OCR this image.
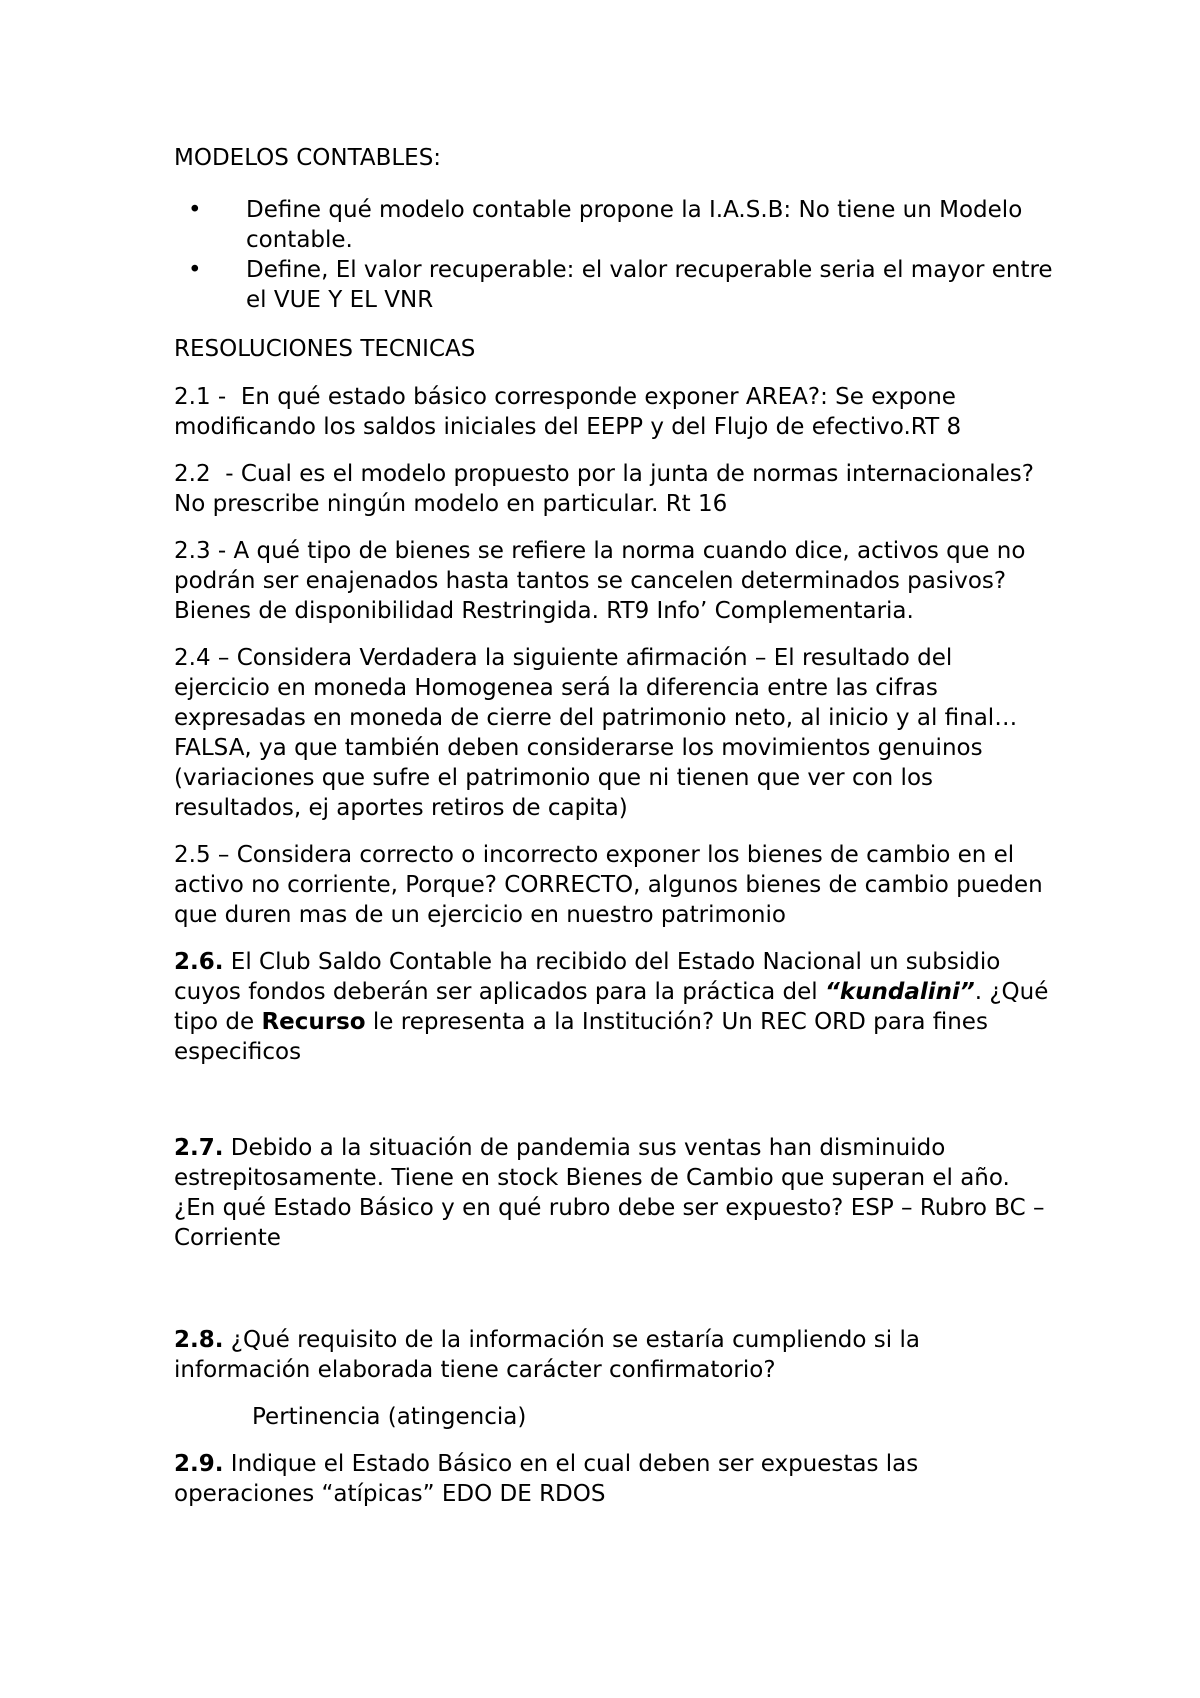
MODELOS CONTABLES:

• Define qué modelo contable propone la I.A.S.B: No tiene un Modelo contable.
• Define, El valor recuperable: el valor recuperable seria el mayor entre el VUE Y EL VNR

RESOLUCIONES TECNICAS

2.1 - En qué estado básico corresponde exponer AREA?: Se expone modificando los saldos iniciales del EEPP y del Flujo de efectivo.RT 8

2.2 - Cual es el modelo propuesto por la junta de normas internacionales? No prescribe ningún modelo en particular. Rt 16

2.3 - A qué tipo de bienes se refiere la norma cuando dice, activos que no podrán ser enajenados hasta tantos se cancelen determinados pasivos? Bienes de disponibilidad Restringida. RT9 Info’ Complementaria.

2.4 – Considera Verdadera la siguiente afirmación – El resultado del ejercicio en moneda Homogenea será la diferencia entre las cifras expresadas en moneda de cierre del patrimonio neto, al inicio y al final… FALSA, ya que también deben considerarse los movimientos genuinos (variaciones que sufre el patrimonio que ni tienen que ver con los resultados, ej aportes retiros de capita)

2.5 – Considera correcto o incorrecto exponer los bienes de cambio en el activo no corriente, Porque? CORRECTO, algunos bienes de cambio pueden que duren mas de un ejercicio en nuestro patrimonio

2.6. El Club Saldo Contable ha recibido del Estado Nacional un subsidio cuyos fondos deberán ser aplicados para la práctica del “kundalini”. ¿Qué tipo de Recurso le representa a la Institución? Un REC ORD para fines especificos

2.7. Debido a la situación de pandemia sus ventas han disminuido estrepitosamente. Tiene en stock Bienes de Cambio que superan el año. ¿En qué Estado Básico y en qué rubro debe ser expuesto? ESP – Rubro BC – Corriente

2.8. ¿Qué requisito de la información se estaría cumpliendo si la información elaborada tiene carácter confirmatorio?

Pertinencia (atingencia)

2.9. Indique el Estado Básico en el cual deben ser expuestas las operaciones “atípicas” EDO DE RDOS
